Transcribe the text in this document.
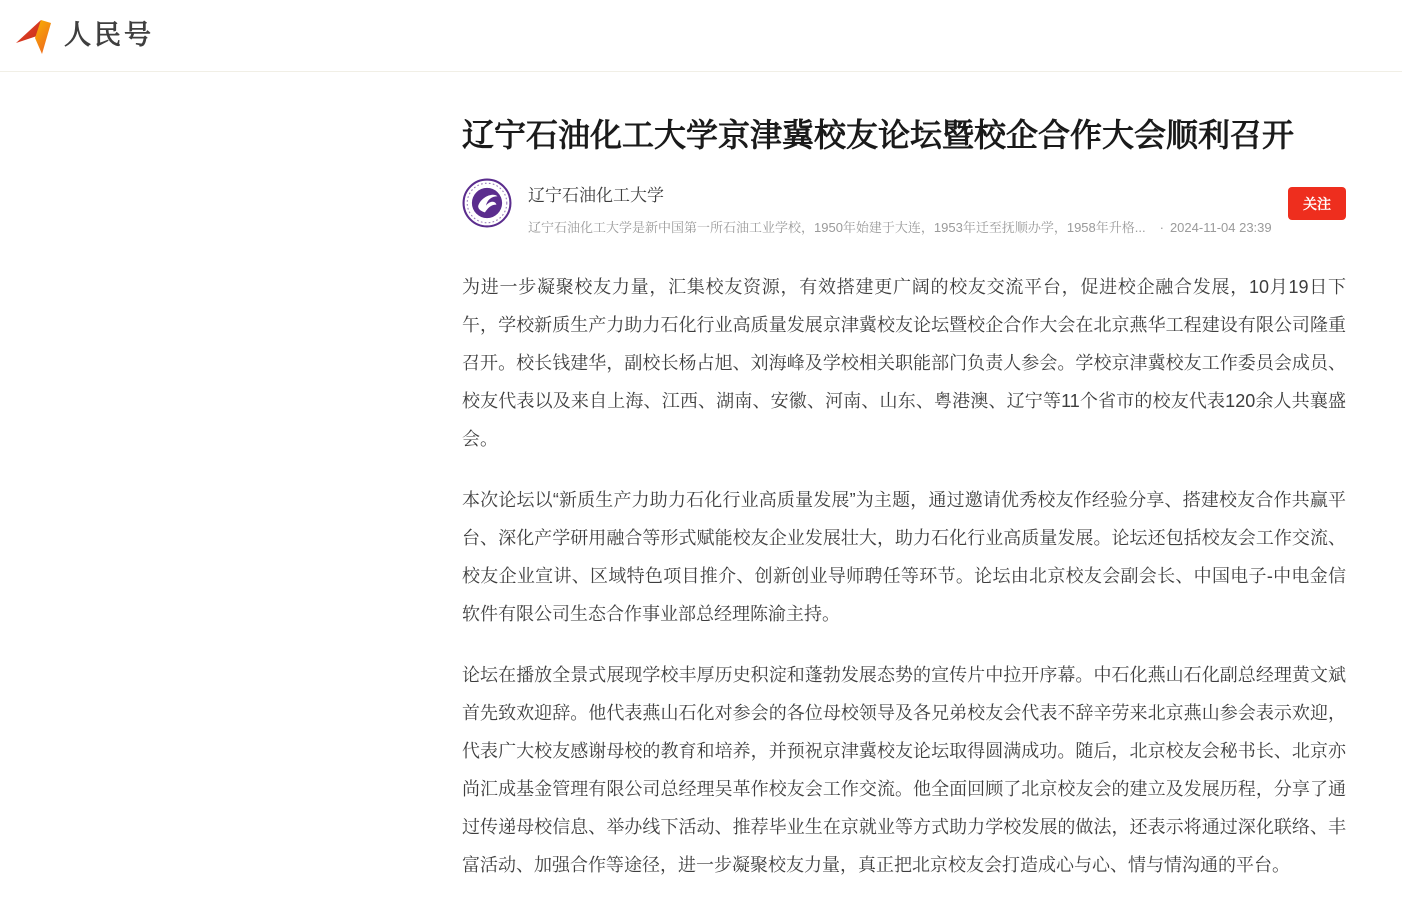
人民号
辽宁石油化工大学京津冀校友论坛暨校企合作大会顺利召开
辽宁石油化工大学
辽宁石油化工大学是新中国第一所石油工业学校，1950年始建于大连，1953年迁至抚顺办学，1958年升格... · 2024-11-04 23:39
关注

为进一步凝聚校友力量，汇集校友资源，有效搭建更广阔的校友交流平台，促进校企融合发展，10月19日下午，学校新质生产力助力石化行业高质量发展京津冀校友论坛暨校企合作大会在北京燕华工程建设有限公司隆重召开。校长钱建华，副校长杨占旭、刘海峰及学校相关职能部门负责人参会。学校京津冀校友工作委员会成员、校友代表以及来自上海、江西、湖南、安徽、河南、山东、粤港澳、辽宁等11个省市的校友代表120余人共襄盛会。

本次论坛以“新质生产力助力石化行业高质量发展”为主题，通过邀请优秀校友作经验分享、搭建校友合作共赢平台、深化产学研用融合等形式赋能校友企业发展壮大，助力石化行业高质量发展。论坛还包括校友会工作交流、校友企业宣讲、区域特色项目推介、创新创业导师聘任等环节。论坛由北京校友会副会长、中国电子-中电金信软件有限公司生态合作事业部总经理陈渝主持。

论坛在播放全景式展现学校丰厚历史积淀和蓬勃发展态势的宣传片中拉开序幕。中石化燕山石化副总经理黄文斌首先致欢迎辞。他代表燕山石化对参会的各位母校领导及各兄弟校友会代表不辞辛劳来北京燕山参会表示欢迎，代表广大校友感谢母校的教育和培养，并预祝京津冀校友论坛取得圆满成功。随后，北京校友会秘书长、北京亦尚汇成基金管理有限公司总经理吴革作校友会工作交流。他全面回顾了北京校友会的建立及发展历程，分享了通过传递母校信息、举办线下活动、推荐毕业生在京就业等方式助力学校发展的做法，还表示将通过深化联络、丰富活动、加强合作等途径，进一步凝聚校友力量，真正把北京校友会打造成心与心、情与情沟通的平台。
